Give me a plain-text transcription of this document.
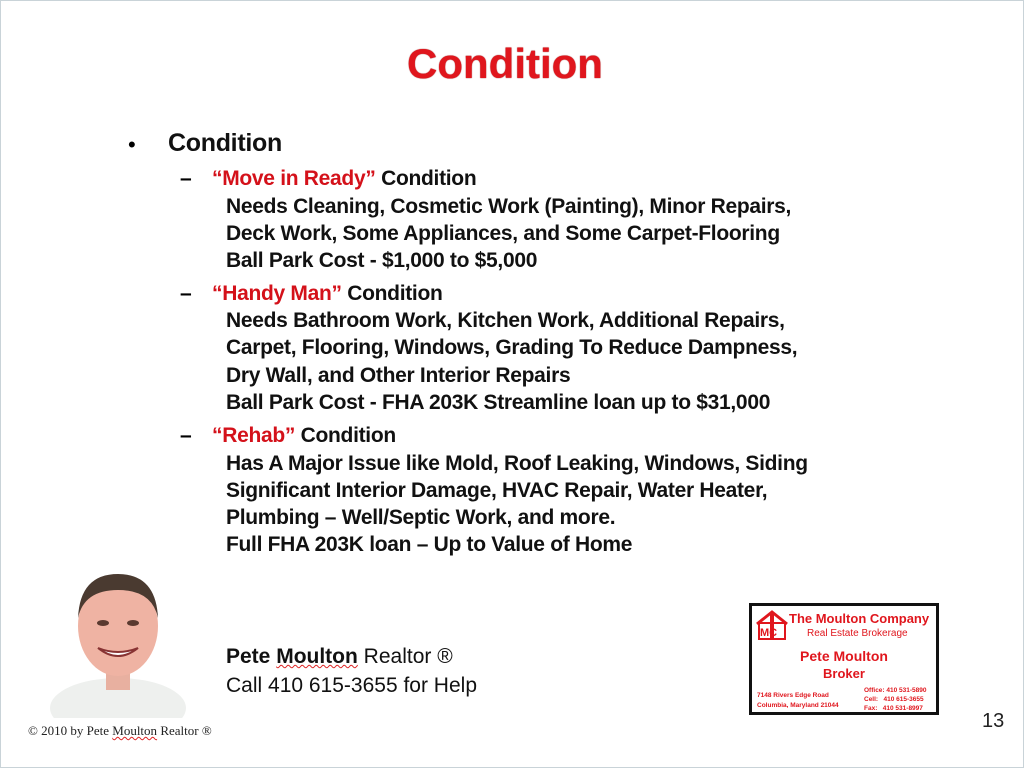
Condition
• Condition
– “Move in Ready” Condition
Needs Cleaning, Cosmetic Work (Painting), Minor Repairs,
Deck Work, Some Appliances, and Some Carpet-Flooring
Ball Park Cost - $1,000 to $5,000
– “Handy Man” Condition
Needs Bathroom Work, Kitchen Work, Additional Repairs,
Carpet, Flooring, Windows, Grading To Reduce Dampness,
Dry Wall, and Other Interior Repairs
Ball Park Cost - FHA 203K Streamline loan up to $31,000
– “Rehab” Condition
Has A Major Issue like Mold, Roof Leaking, Windows, Siding
Significant Interior Damage, HVAC Repair, Water Heater,
Plumbing – Well/Septic Work, and more.
Full FHA 203K loan – Up to Value of Home
Pete Moulton Realtor ®
Call 410 615-3655 for Help
© 2010 by Pete Moulton Realtor ®	13
MC
The Moulton Company
Real Estate Brokerage
Pete Moulton
Broker
7148 Rivers Edge Road
Columbia, Maryland 21044
Office: 410 531-5890
Cell:   410 615-3655
Fax:   410 531-8997
